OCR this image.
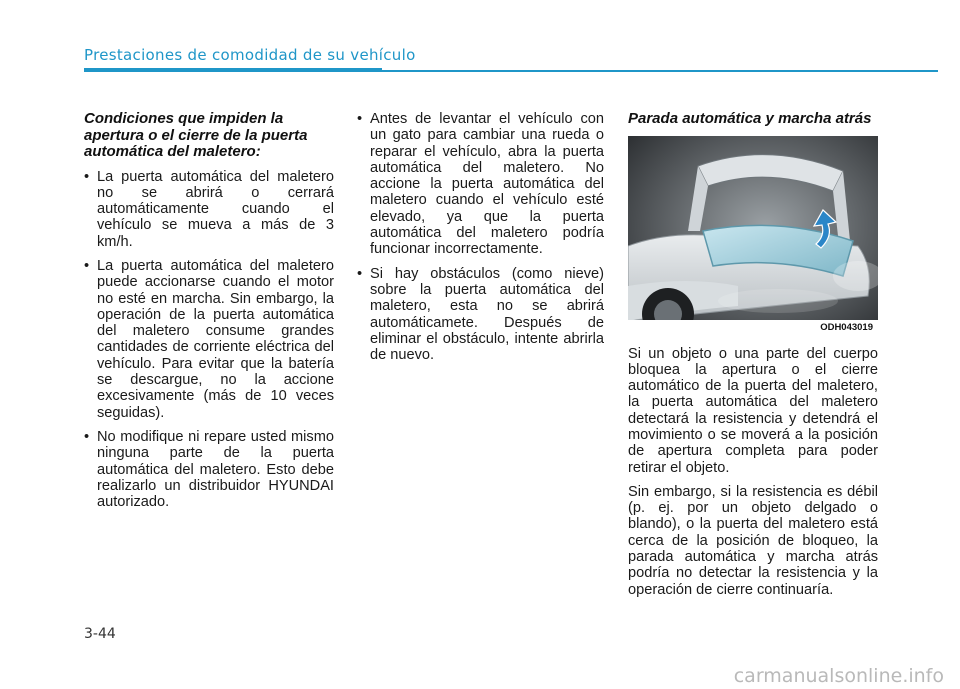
Prestaciones de comodidad de su vehículo
Condiciones que impiden la apertura o el cierre de la puerta automática del maletero:
• La puerta automática del maletero no se abrirá o cerrará automáticamente cuando el vehículo se mueva a más de 3 km/h.
• La puerta automática del maletero puede accionarse cuando el motor no esté en marcha. Sin embargo, la operación de la puerta automática del maletero consume grandes cantidades de corriente eléctrica del vehículo. Para evitar que la batería se descargue, no la accione excesivamente (más de 10 veces seguidas).
• No modifique ni repare usted mismo ninguna parte de la puerta automática del maletero. Esto debe realizarlo un distribuidor HYUNDAI autorizado.
• Antes de levantar el vehículo con un gato para cambiar una rueda o reparar el vehículo, abra la puerta automática del maletero. No accione la puerta automática del maletero cuando el vehículo esté elevado, ya que la puerta automática del maletero podría funcionar incorrectamente.
• Si hay obstáculos (como nieve) sobre la puerta automática del maletero, esta no se abrirá automáticamete. Después de eliminar el obstáculo, intente abrirla de nuevo.
Parada automática y marcha atrás
ODH043019

Si un objeto o una parte del cuerpo bloquea la apertura o el cierre automático de la puerta del maletero, la puerta automática del maletero detectará la resistencia y detendrá el movimiento o se moverá a la posición de apertura completa para poder retirar el objeto.

Sin embargo, si la resistencia es débil (p. ej. por un objeto delgado o blando), o la puerta del maletero está cerca de la posición de bloqueo, la parada automática y marcha atrás podría no detectar la resistencia y la operación de cierre continuaría.

3-44
carmanualsonline.info
